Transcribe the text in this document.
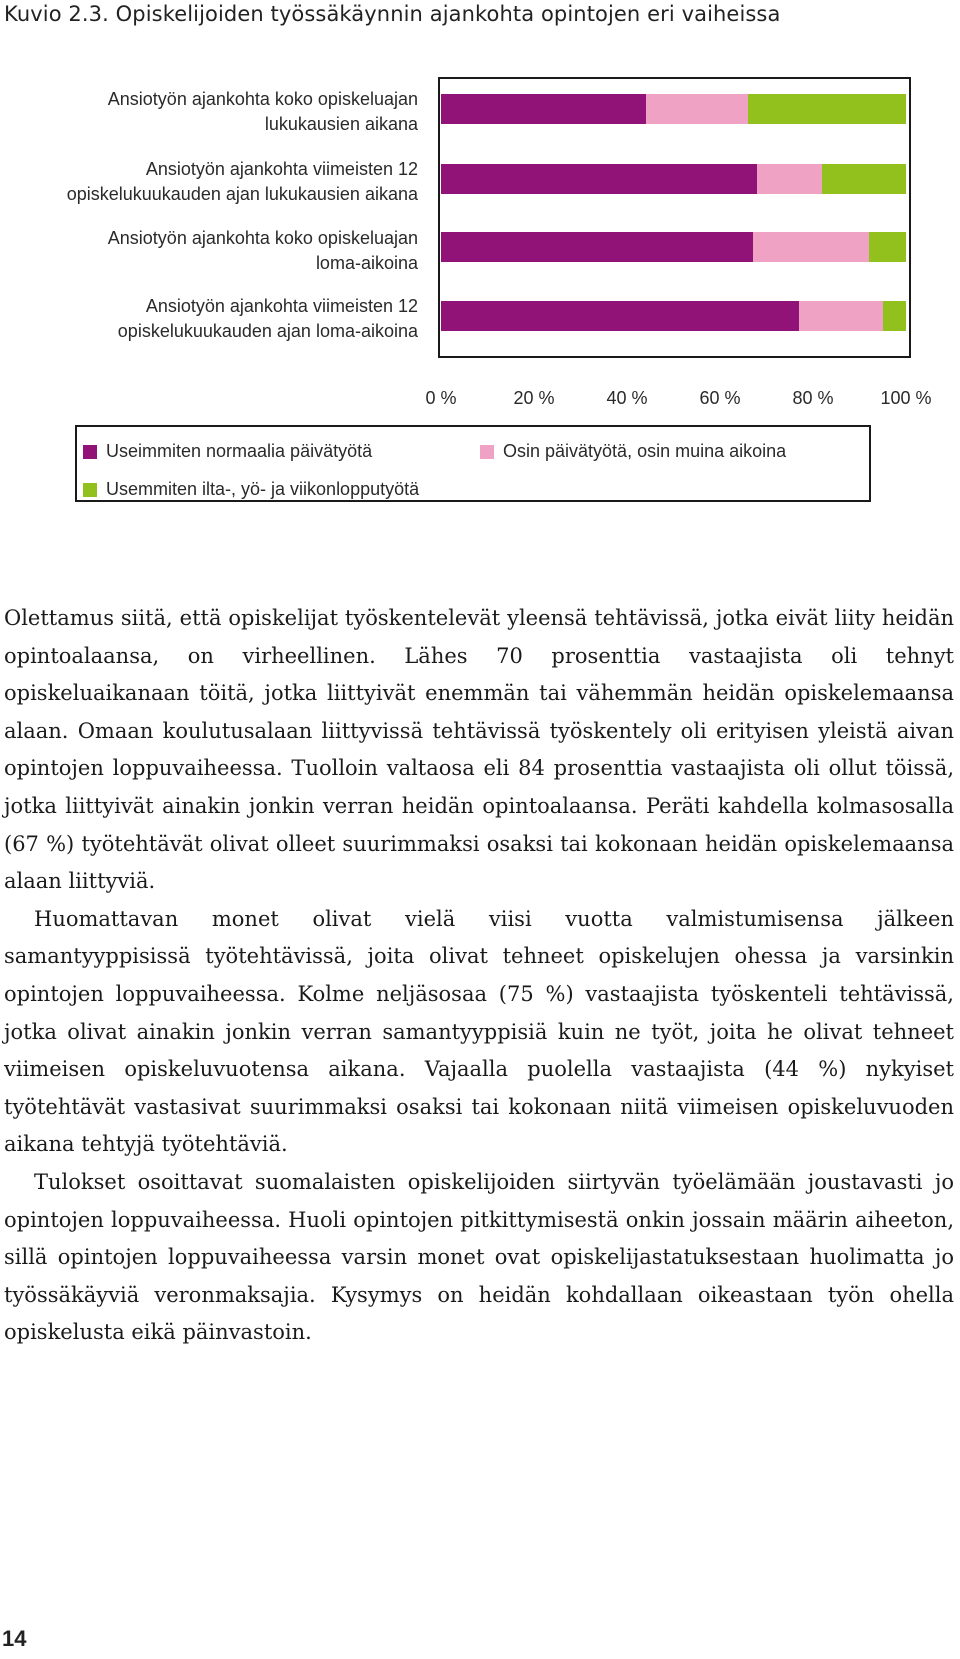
Kuvio 2.3. Opiskelijoiden työssäkäynnin ajankohta opintojen eri vaiheissa
Ansiotyön ajankohta koko opiskeluajan
lukukausien aikana
Ansiotyön ajankohta viimeisten 12
opiskelukuukauden ajan lukukausien aikana
Ansiotyön ajankohta koko opiskeluajan
loma-aikoina
Ansiotyön ajankohta viimeisten 12
opiskelukuukauden ajan loma-aikoina
0 %	20 %	40 %	60 %	80 %	100 %
Useimmiten normaalia päivätyötä	Osin päivätyötä, osin muina aikoina
Usemmiten ilta-, yö- ja viikonlopputyötä

Olettamus siitä, että opiskelijat työskentelevät yleensä tehtävissä, jotka eivät liity heidän opintoalaansa, on virheellinen. Lähes 70 prosenttia vastaajista oli tehnyt opiskeluaikanaan töitä, jotka liittyivät enemmän tai vähemmän heidän opiskelemaansa alaan. Omaan koulutusalaan liittyvissä tehtävissä työskentely oli erityisen yleistä aivan opintojen loppuvaiheessa. Tuolloin valtaosa eli 84 prosenttia vastaajista oli ollut töissä, jotka liittyivät ainakin jonkin verran heidän opintoalaansa. Peräti kahdella kolmasosalla (67 %) työtehtävät olivat olleet suurimmaksi osaksi tai kokonaan heidän opiskelemaansa alaan liittyviä.

Huomattavan monet olivat vielä viisi vuotta valmistumisensa jälkeen samantyyppisissä työtehtävissä, joita olivat tehneet opiskelujen ohessa ja varsinkin opintojen loppuvaiheessa. Kolme neljäsosaa (75 %) vastaajista työskenteli tehtävissä, jotka olivat ainakin jonkin verran samantyyppisiä kuin ne työt, joita he olivat tehneet viimeisen opiskeluvuotensa aikana. Vajaalla puolella vastaajista (44 %) nykyiset työtehtävät vastasivat suurimmaksi osaksi tai kokonaan niitä viimeisen opiskeluvuoden aikana tehtyjä työtehtäviä.

Tulokset osoittavat suomalaisten opiskelijoiden siirtyvän työelämään joustavasti jo opintojen loppuvaiheessa. Huoli opintojen pitkittymisestä onkin jossain määrin aiheeton, sillä opintojen loppuvaiheessa varsin monet ovat opiskelijastatuksestaan huolimatta jo työssäkäyviä veronmaksajia. Kysymys on heidän kohdallaan oikeastaan työn ohella opiskelusta eikä päinvastoin.

14
